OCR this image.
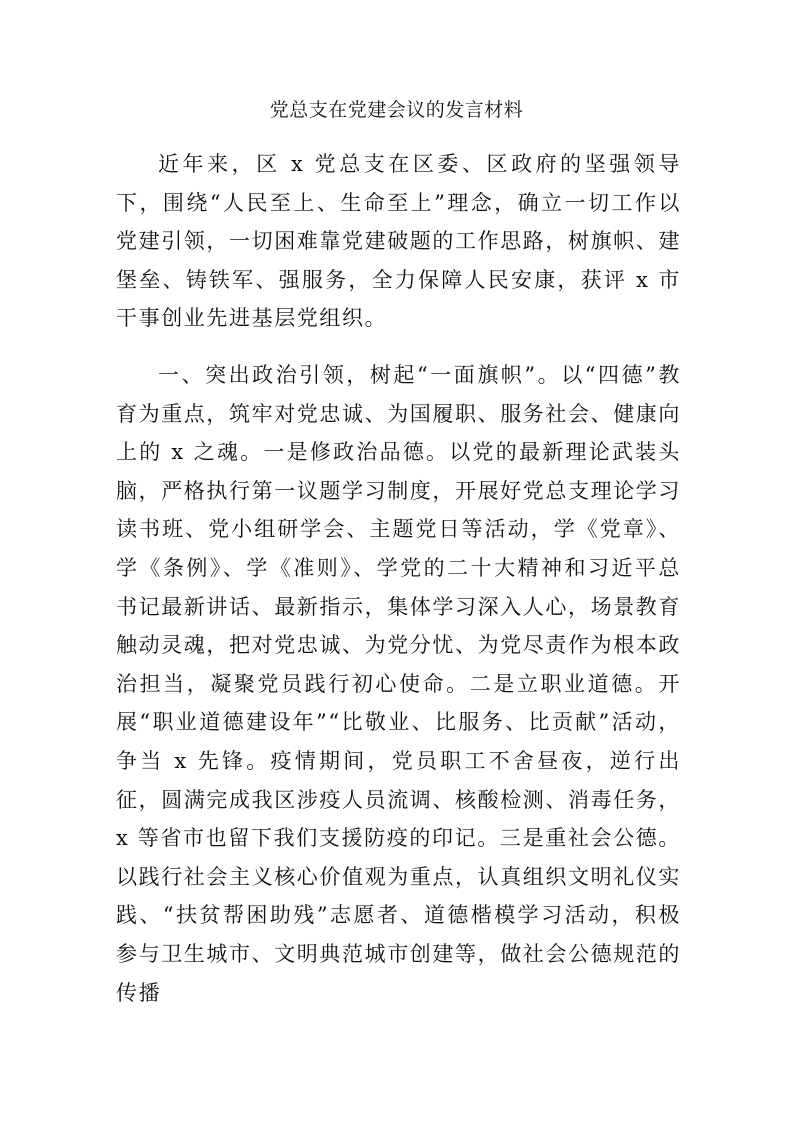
党总支在党建会议的发言材料

近年来，区 x 党总支在区委、区政府的坚强领导下，围绕“人民至上、生命至上”理念，确立一切工作以党建引领，一切困难靠党建破题的工作思路，树旗帜、建堡垒、铸铁军、强服务，全力保障人民安康，获评 x 市干事创业先进基层党组织。

一、突出政治引领，树起“一面旗帜”。以“四德”教育为重点，筑牢对党忠诚、为国履职、服务社会、健康向上的 x 之魂。一是修政治品德。以党的最新理论武装头脑，严格执行第一议题学习制度，开展好党总支理论学习读书班、党小组研学会、主题党日等活动，学《党章》、学《条例》、学《准则》、学党的二十大精神和习近平总书记最新讲话、最新指示，集体学习深入人心，场景教育触动灵魂，把对党忠诚、为党分忧、为党尽责作为根本政治担当，凝聚党员践行初心使命。二是立职业道德。开展“职业道德建设年”“比敬业、比服务、比贡献”活动，争当 x 先锋。疫情期间，党员职工不舍昼夜，逆行出征，圆满完成我区涉疫人员流调、核酸检测、消毒任务，x 等省市也留下我们支援防疫的印记。三是重社会公德。以践行社会主义核心价值观为重点，认真组织文明礼仪实践、“扶贫帮困助残”志愿者、道德楷模学习活动，积极参与卫生城市、文明典范城市创建等，做社会公德规范的传播
